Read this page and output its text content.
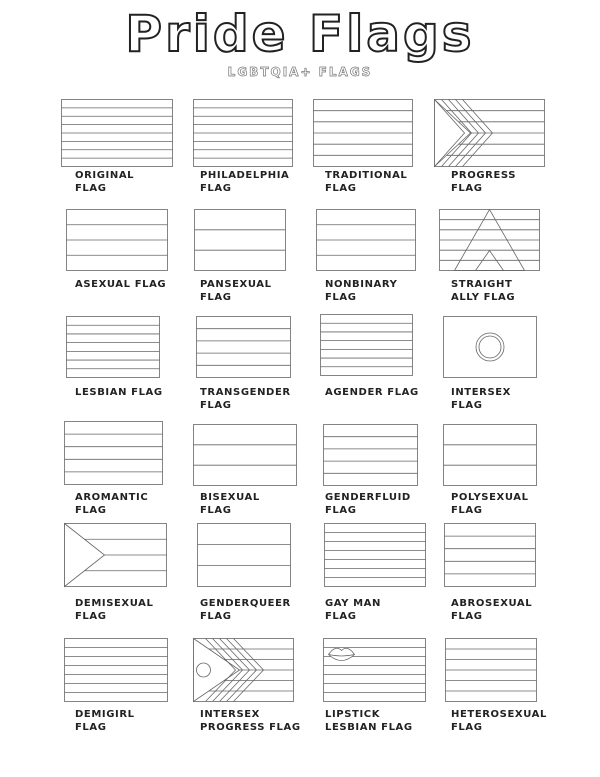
Pride Flags
LGBTQIA+ FLAGS
ORIGINAL
FLAG
PHILADELPHIA
FLAG
TRADITIONAL
FLAG
PROGRESS
FLAG
ASEXUAL FLAG	PANSEXUAL
FLAG
NONBINARY
FLAG
STRAIGHT
ALLY FLAG
LESBIAN FLAG	TRANSGENDER
FLAG
AGENDER FLAG	INTERSEX
FLAG
AROMANTIC
FLAG
BISEXUAL
FLAG
GENDERFLUID
FLAG
POLYSEXUAL
FLAG
DEMISEXUAL
FLAG
GENDERQUEER
FLAG
GAY MAN
FLAG
ABROSEXUAL
FLAG
DEMIGIRL
FLAG
INTERSEX
PROGRESS FLAG
LIPSTICK
LESBIAN FLAG
HETEROSEXUAL
FLAG
